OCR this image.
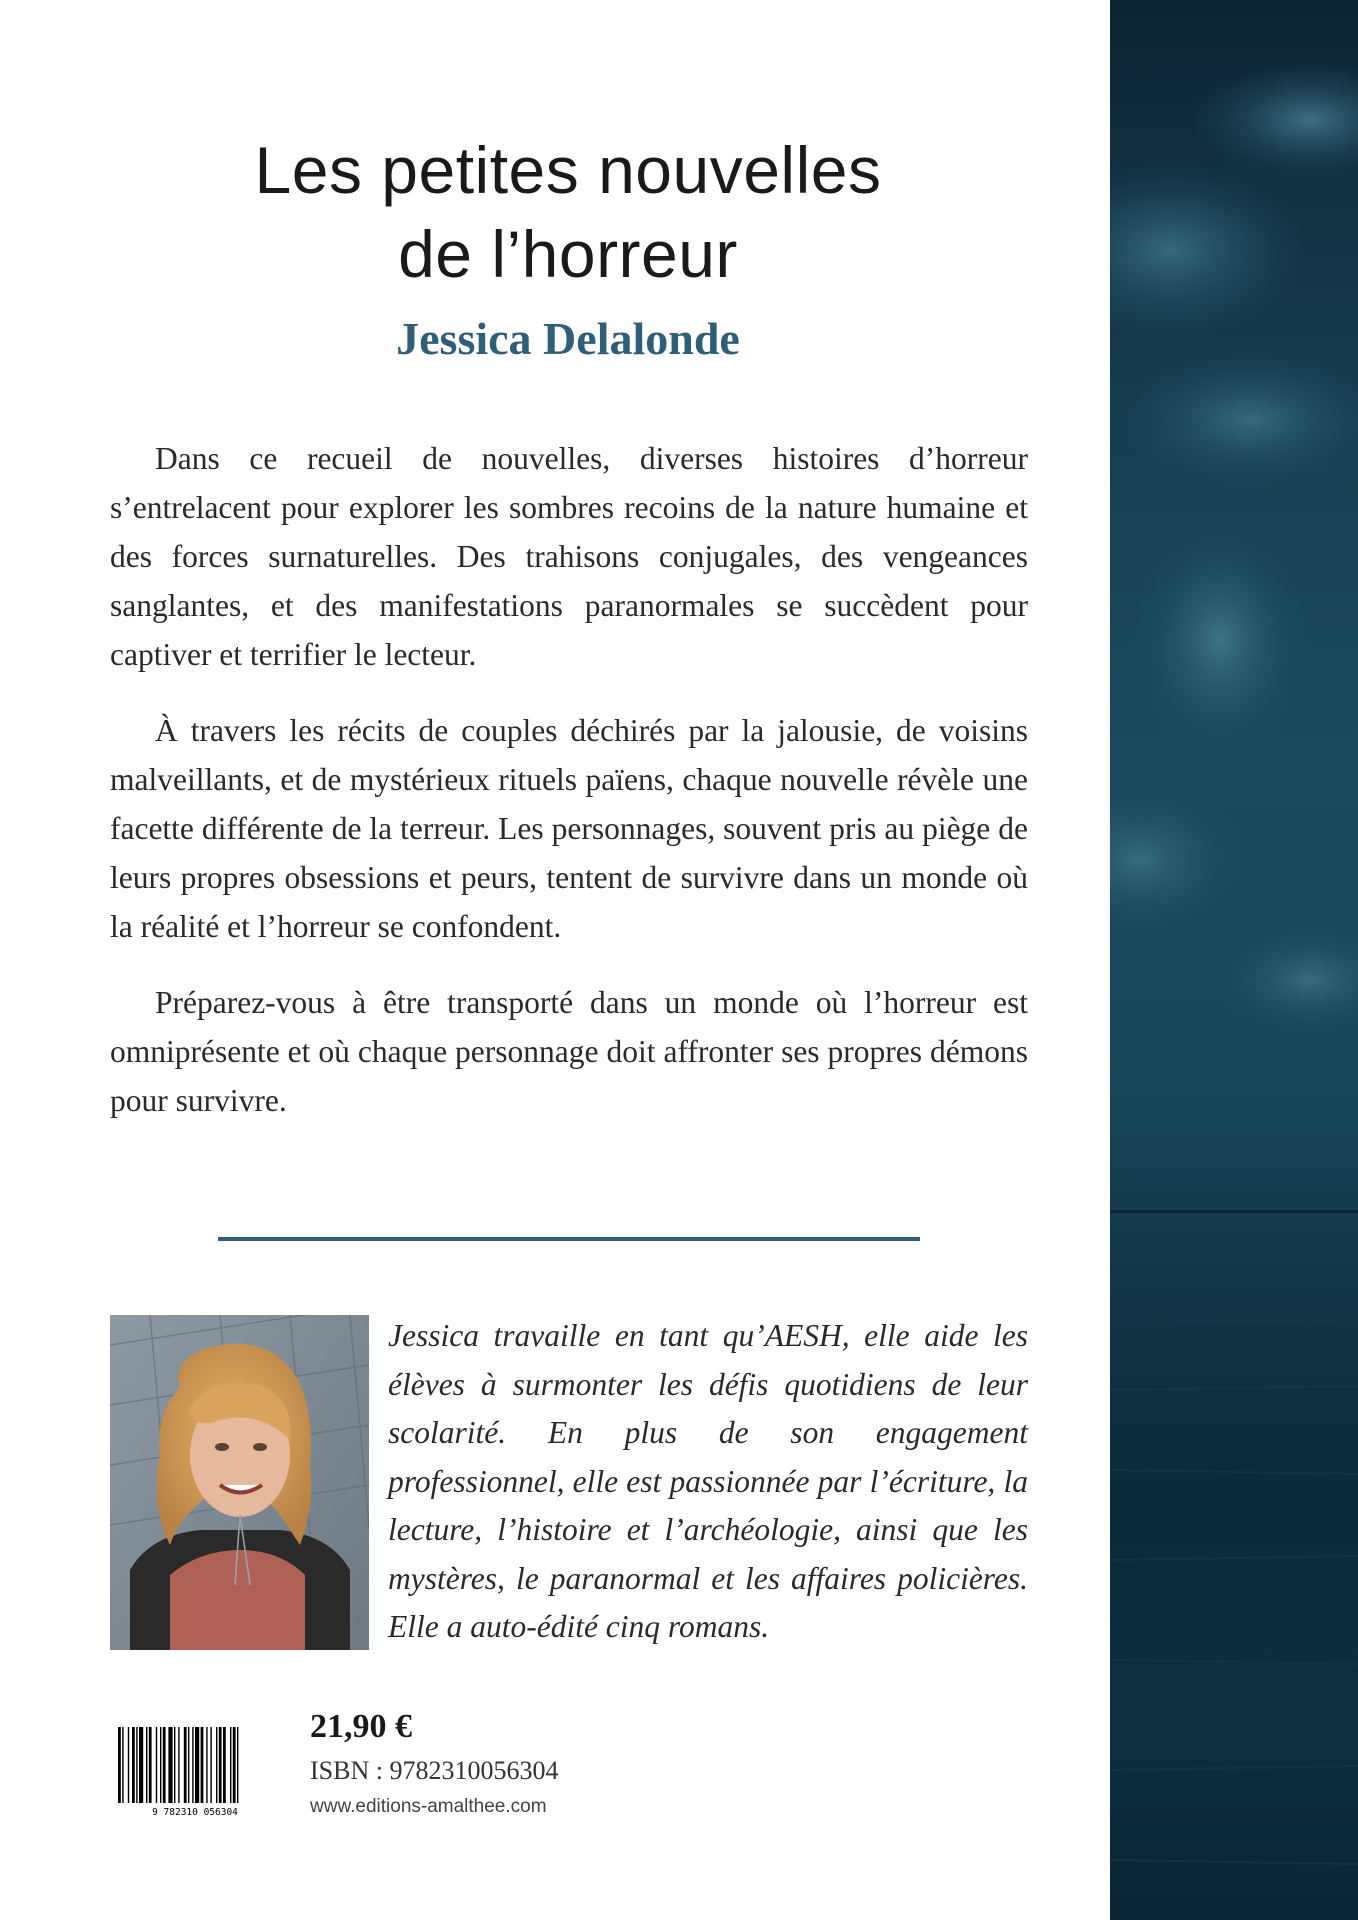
Les petites nouvelles
de l’horreur
Jessica Delalonde

Dans ce recueil de nouvelles, diverses histoires d’horreur s’entrelacent pour explorer les sombres recoins de la nature humaine et des forces surnaturelles. Des trahisons conjugales, des vengeances sanglantes, et des manifestations paranormales se succèdent pour captiver et terrifier le lecteur.

À travers les récits de couples déchirés par la jalousie, de voisins malveillants, et de mystérieux rituels païens, chaque nouvelle révèle une facette différente de la terreur. Les personnages, souvent pris au piège de leurs propres obsessions et peurs, tentent de survivre dans un monde où la réalité et l’horreur se confondent.

Préparez-vous à être transporté dans un monde où l’horreur est omniprésente et où chaque personnage doit affronter ses propres démons pour survivre.

Jessica travaille en tant qu’AESH, elle aide les élèves à surmonter les défis quotidiens de leur scolarité. En plus de son engagement professionnel, elle est passionnée par l’écriture, la lecture, l’histoire et l’archéologie, ainsi que les mystères, le paranormal et les affaires policières. Elle a auto-édité cinq romans.
9 782310 056304
21,90 €
ISBN : 9782310056304
www.editions-amalthee.com
